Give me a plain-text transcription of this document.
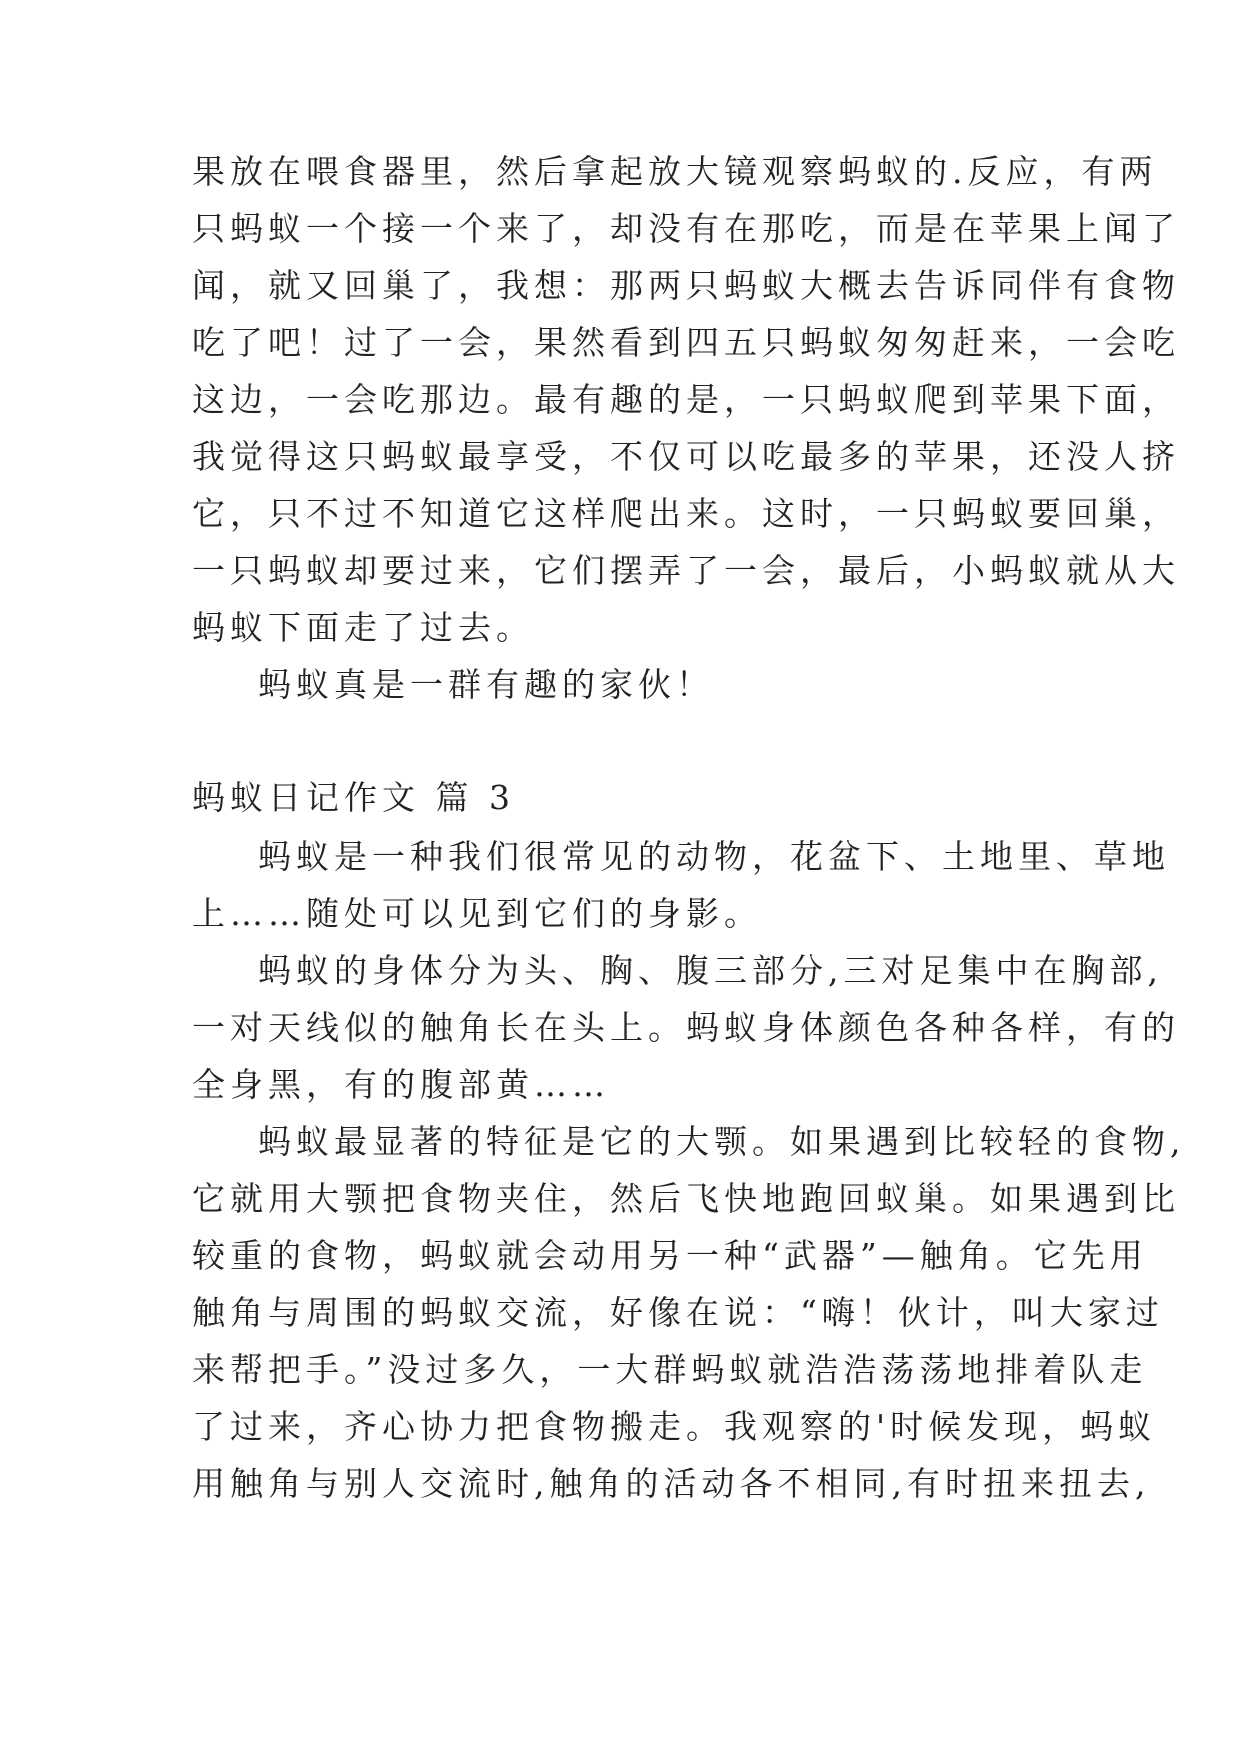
果放在喂食器里，然后拿起放大镜观察蚂蚁的.反应，有两
只蚂蚁一个接一个来了，却没有在那吃，而是在苹果上闻了
闻，就又回巢了，我想：那两只蚂蚁大概去告诉同伴有食物
吃了吧！过了一会，果然看到四五只蚂蚁匆匆赶来，一会吃
这边，一会吃那边。最有趣的是，一只蚂蚁爬到苹果下面，
我觉得这只蚂蚁最享受，不仅可以吃最多的苹果，还没人挤
它，只不过不知道它这样爬出来。这时，一只蚂蚁要回巢，
一只蚂蚁却要过来，它们摆弄了一会，最后，小蚂蚁就从大
蚂蚁下面走了过去。
蚂蚁真是一群有趣的家伙！
蚂蚁日记作文 篇 3
蚂蚁是一种我们很常见的动物，花盆下、土地里、草地
上……随处可以见到它们的身影。
蚂蚁的身体分为头、胸、腹三部分,三对足集中在胸部,
一对天线似的触角长在头上。蚂蚁身体颜色各种各样，有的
全身黑，有的腹部黄……
蚂蚁最显著的特征是它的大颚。如果遇到比较轻的食物,
它就用大颚把食物夹住，然后飞快地跑回蚁巢。如果遇到比
较重的食物，蚂蚁就会动用另一种“武器”—触角。它先用
触角与周围的蚂蚁交流，好像在说：“嗨！伙计，叫大家过
来帮把手。”没过多久，一大群蚂蚁就浩浩荡荡地排着队走
了过来，齐心协力把食物搬走。我观察的'时候发现，蚂蚁
用触角与别人交流时,触角的活动各不相同,有时扭来扭去,
